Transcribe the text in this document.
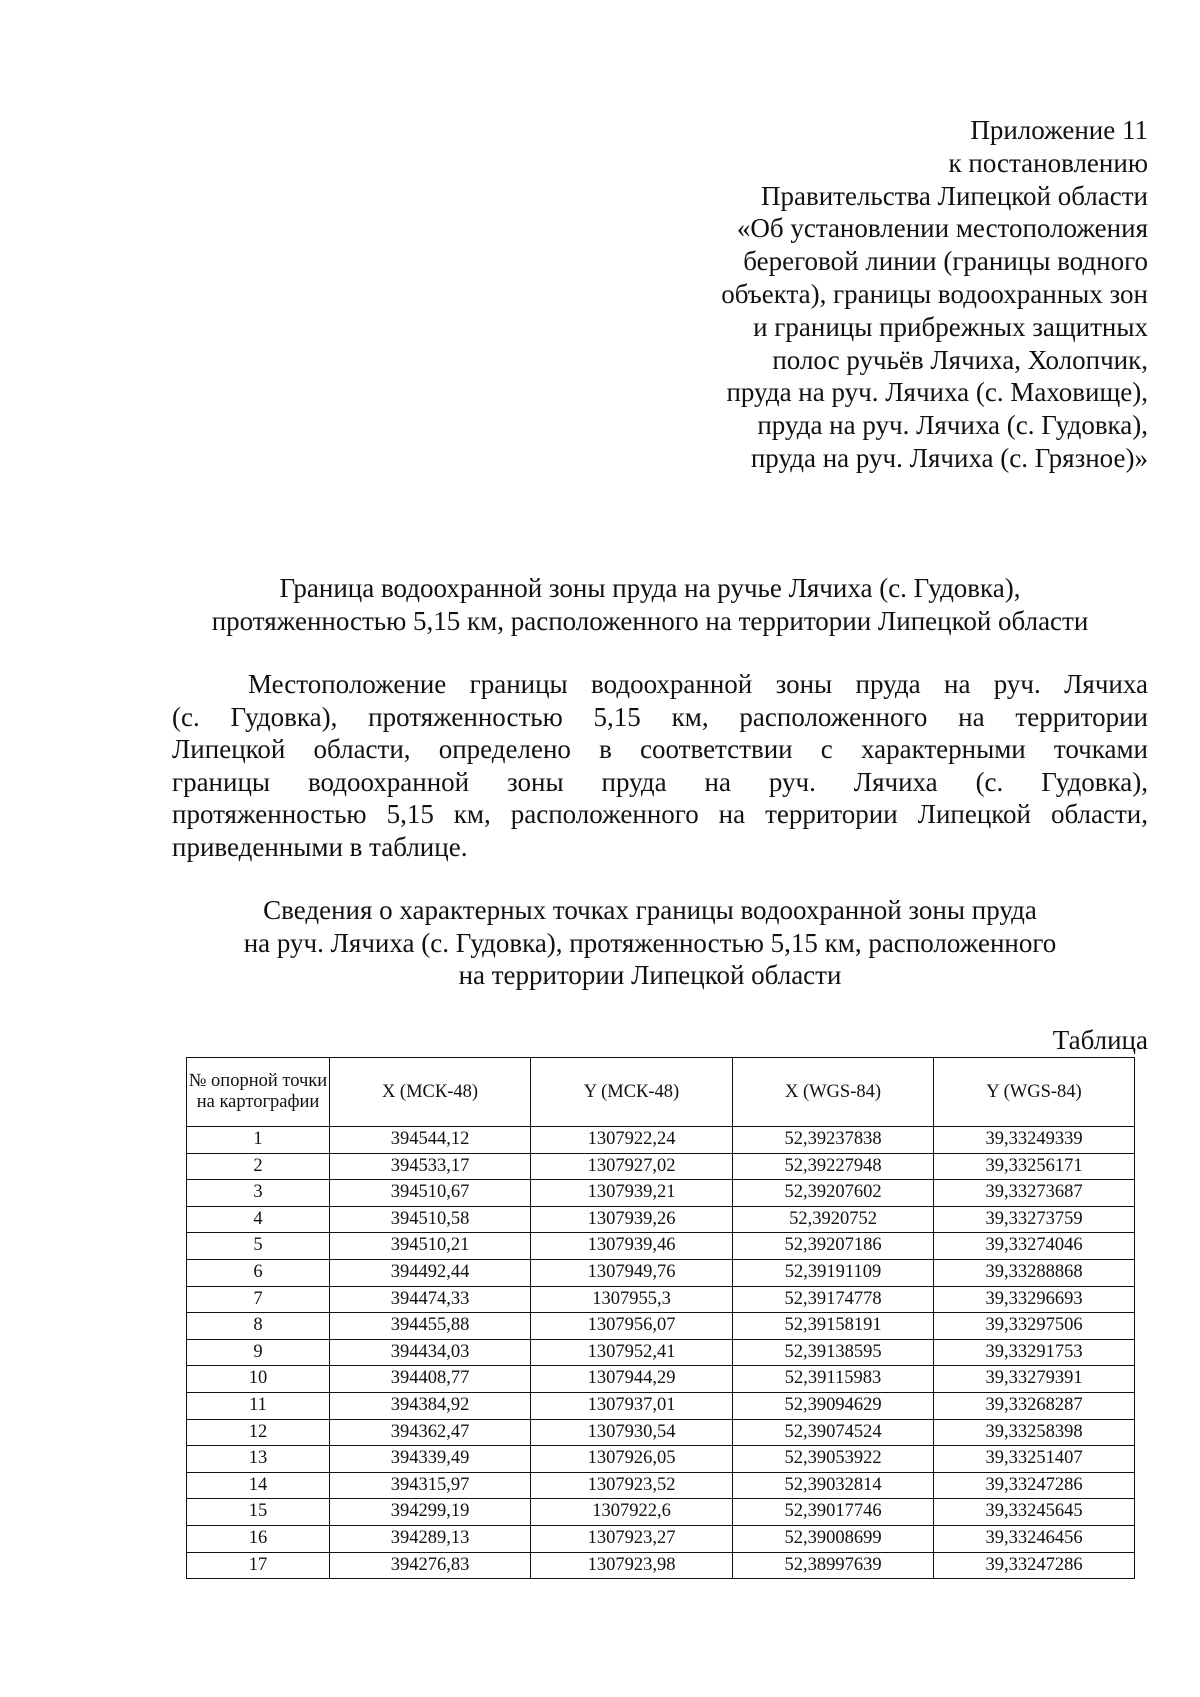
Приложение 11
к постановлению
Правительства Липецкой области
«Об установлении местоположения
береговой линии (границы водного
объекта), границы водоохранных зон
и границы прибрежных защитных
полос ручьёв Лячиха, Холопчик,
пруда на руч. Лячиха (с. Маховище),
пруда на руч. Лячиха (с. Гудовка),
пруда на руч. Лячиха (с. Грязное)»
Граница водоохранной зоны пруда на ручье Лячиха (с. Гудовка),
протяженностью 5,15 км, расположенного на территории Липецкой области
Местоположение границы водоохранной зоны пруда на руч. Лячиха
(с. Гудовка), протяженностью 5,15 км, расположенного на территории
Липецкой области, определено в соответствии с характерными точками
границы водоохранной зоны пруда на руч. Лячиха (с. Гудовка),
протяженностью 5,15 км, расположенного на территории Липецкой области,
приведенными в таблице.
Сведения о характерных точках границы водоохранной зоны пруда
на руч. Лячиха (с. Гудовка), протяженностью 5,15 км, расположенного
на территории Липецкой области
Таблица
№ опорной точки на картографии	X (МСК-48)	Y (МСК-48)	X (WGS-84)	Y (WGS-84)
1	394544,12	1307922,24	52,39237838	39,33249339
2	394533,17	1307927,02	52,39227948	39,33256171
3	394510,67	1307939,21	52,39207602	39,33273687
4	394510,58	1307939,26	52,3920752	39,33273759
5	394510,21	1307939,46	52,39207186	39,33274046
6	394492,44	1307949,76	52,39191109	39,33288868
7	394474,33	1307955,3	52,39174778	39,33296693
8	394455,88	1307956,07	52,39158191	39,33297506
9	394434,03	1307952,41	52,39138595	39,33291753
10	394408,77	1307944,29	52,39115983	39,33279391
11	394384,92	1307937,01	52,39094629	39,33268287
12	394362,47	1307930,54	52,39074524	39,33258398
13	394339,49	1307926,05	52,39053922	39,33251407
14	394315,97	1307923,52	52,39032814	39,33247286
15	394299,19	1307922,6	52,39017746	39,33245645
16	394289,13	1307923,27	52,39008699	39,33246456
17	394276,83	1307923,98	52,38997639	39,33247286
